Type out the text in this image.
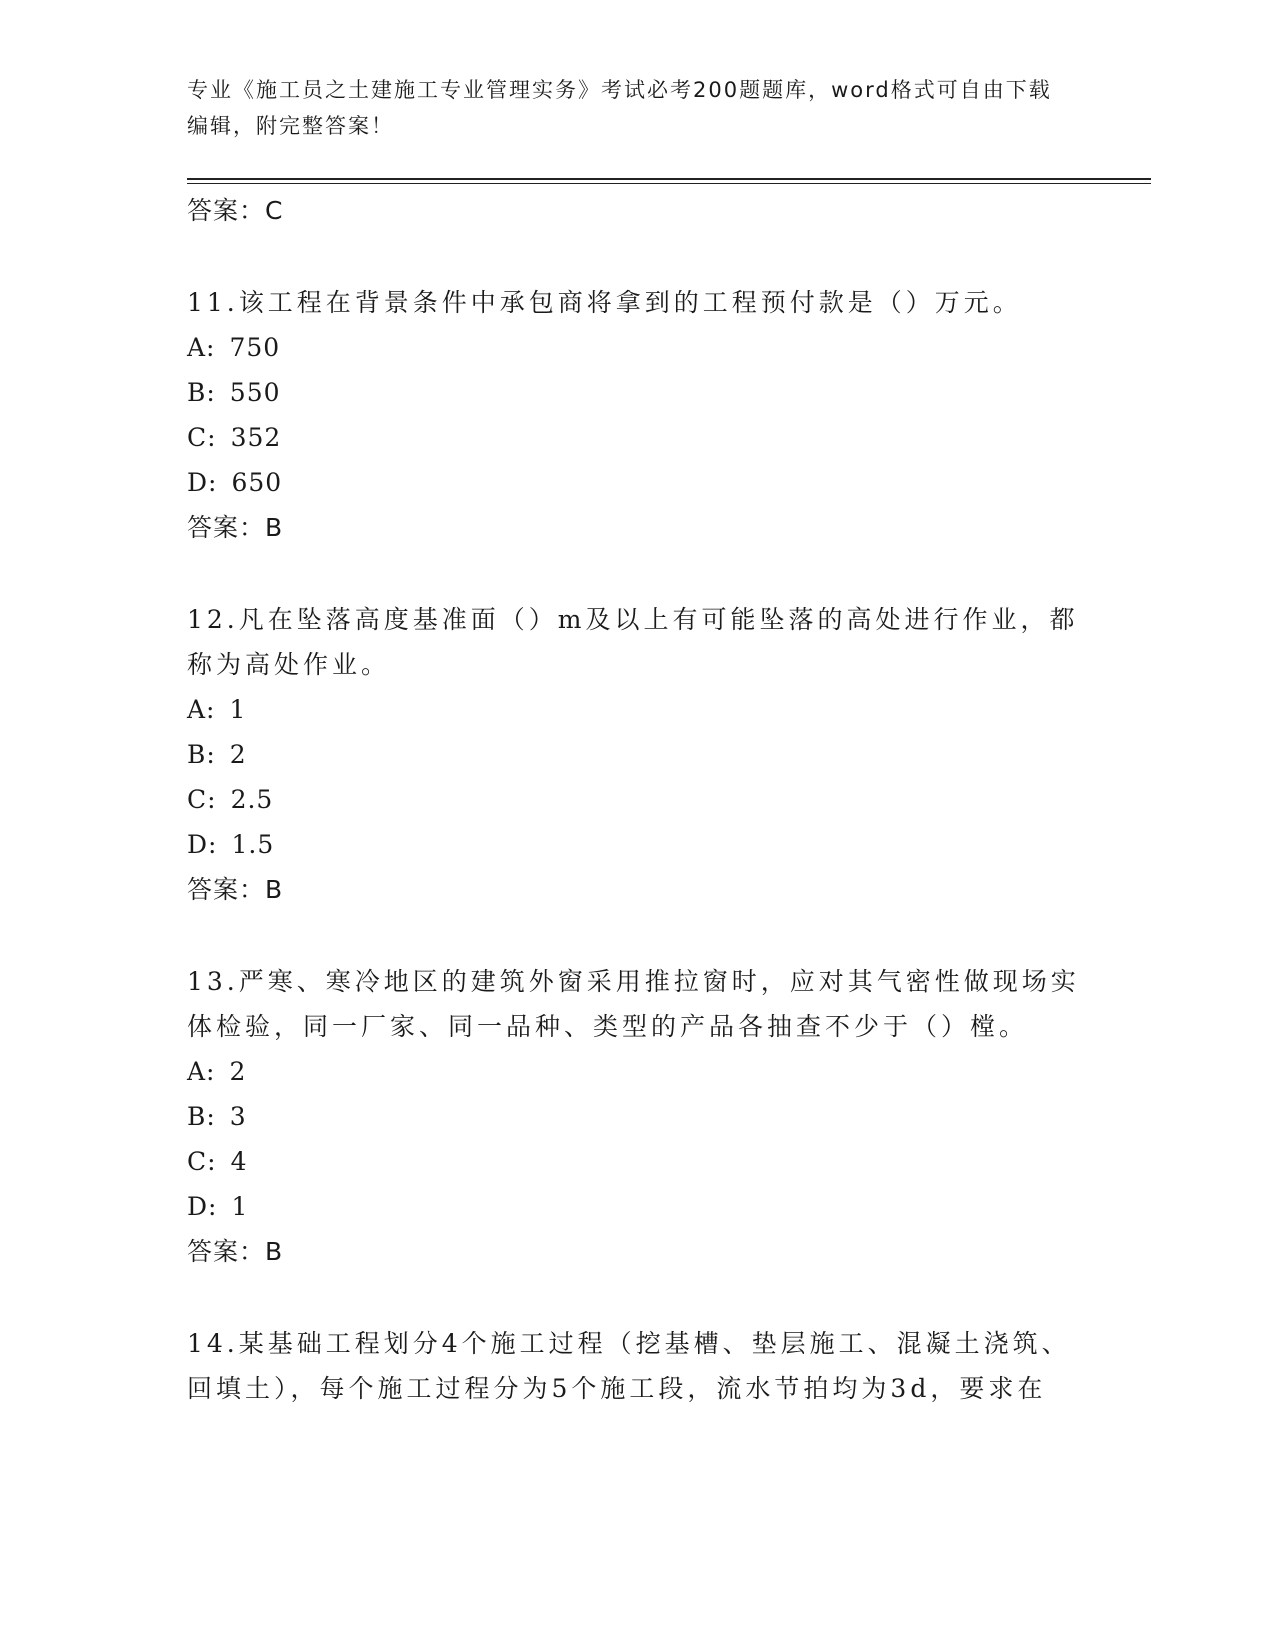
专业《施工员之土建施工专业管理实务》考试必考200题题库，word格式可自由下载编辑，附完整答案！
答案：C

11.该工程在背景条件中承包商将拿到的工程预付款是（）万元。

A: 750
B: 550
C: 352
D: 650
答案：B

12.凡在坠落高度基准面（）m及以上有可能坠落的高处进行作业，都称为高处作业。

A: 1
B: 2
C: 2.5
D: 1.5
答案：B

13.严寒、寒冷地区的建筑外窗采用推拉窗时，应对其气密性做现场实体检验，同一厂家、同一品种、类型的产品各抽查不少于（）樘。

A: 2
B: 3
C: 4
D: 1
答案：B

14.某基础工程划分4个施工过程（挖基槽、垫层施工、混凝土浇筑、回填土），每个施工过程分为5个施工段，流水节拍均为3d，要求在
